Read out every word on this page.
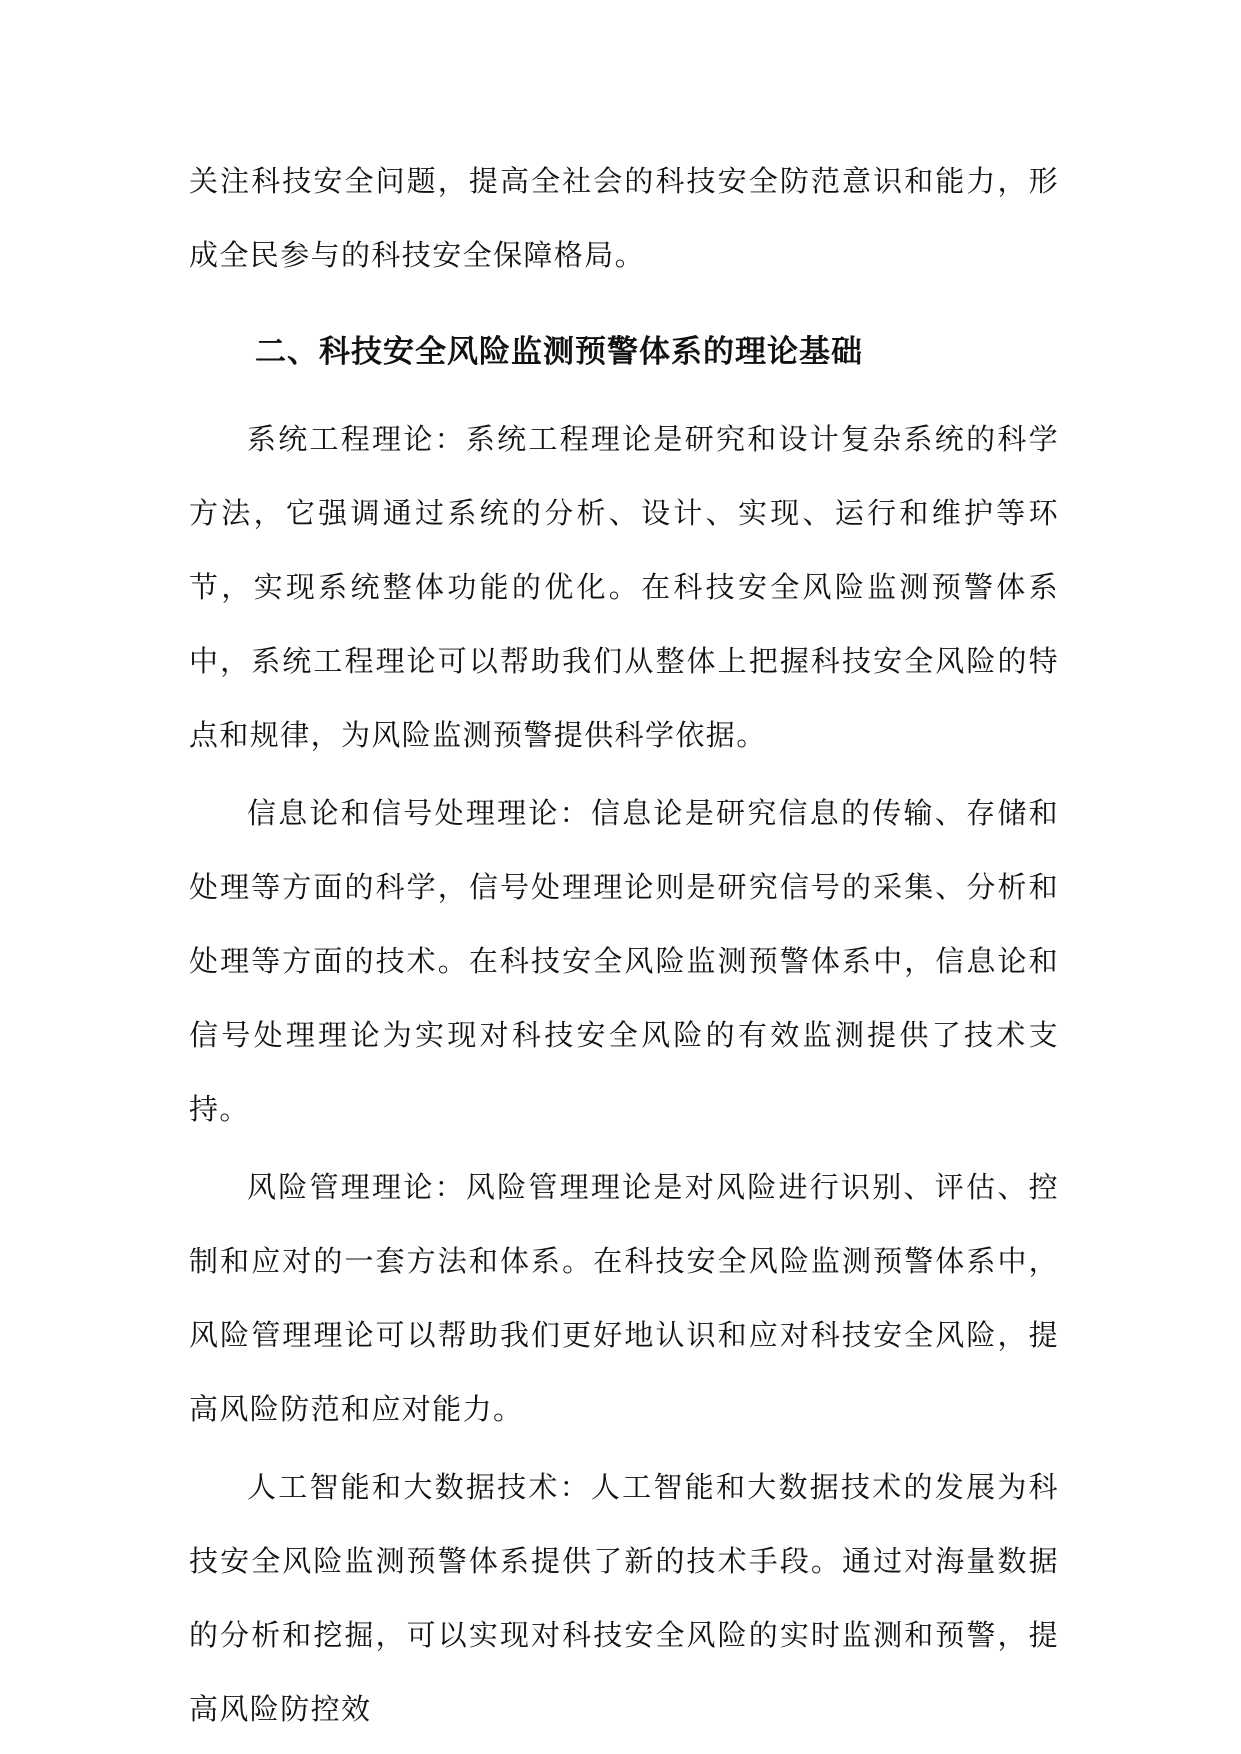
关注科技安全问题，提高全社会的科技安全防范意识和能力，形成全民参与的科技安全保障格局。

二、科技安全风险监测预警体系的理论基础

系统工程理论：系统工程理论是研究和设计复杂系统的科学方法，它强调通过系统的分析、设计、实现、运行和维护等环节，实现系统整体功能的优化。在科技安全风险监测预警体系中，系统工程理论可以帮助我们从整体上把握科技安全风险的特点和规律，为风险监测预警提供科学依据。

信息论和信号处理理论：信息论是研究信息的传输、存储和处理等方面的科学，信号处理理论则是研究信号的采集、分析和处理等方面的技术。在科技安全风险监测预警体系中，信息论和信号处理理论为实现对科技安全风险的有效监测提供了技术支持。

风险管理理论：风险管理理论是对风险进行识别、评估、控制和应对的一套方法和体系。在科技安全风险监测预警体系中，风险管理理论可以帮助我们更好地认识和应对科技安全风险，提高风险防范和应对能力。

人工智能和大数据技术：人工智能和大数据技术的发展为科技安全风险监测预警体系提供了新的技术手段。通过对海量数据的分析和挖掘，可以实现对科技安全风险的实时监测和预警，提高风险防控效
